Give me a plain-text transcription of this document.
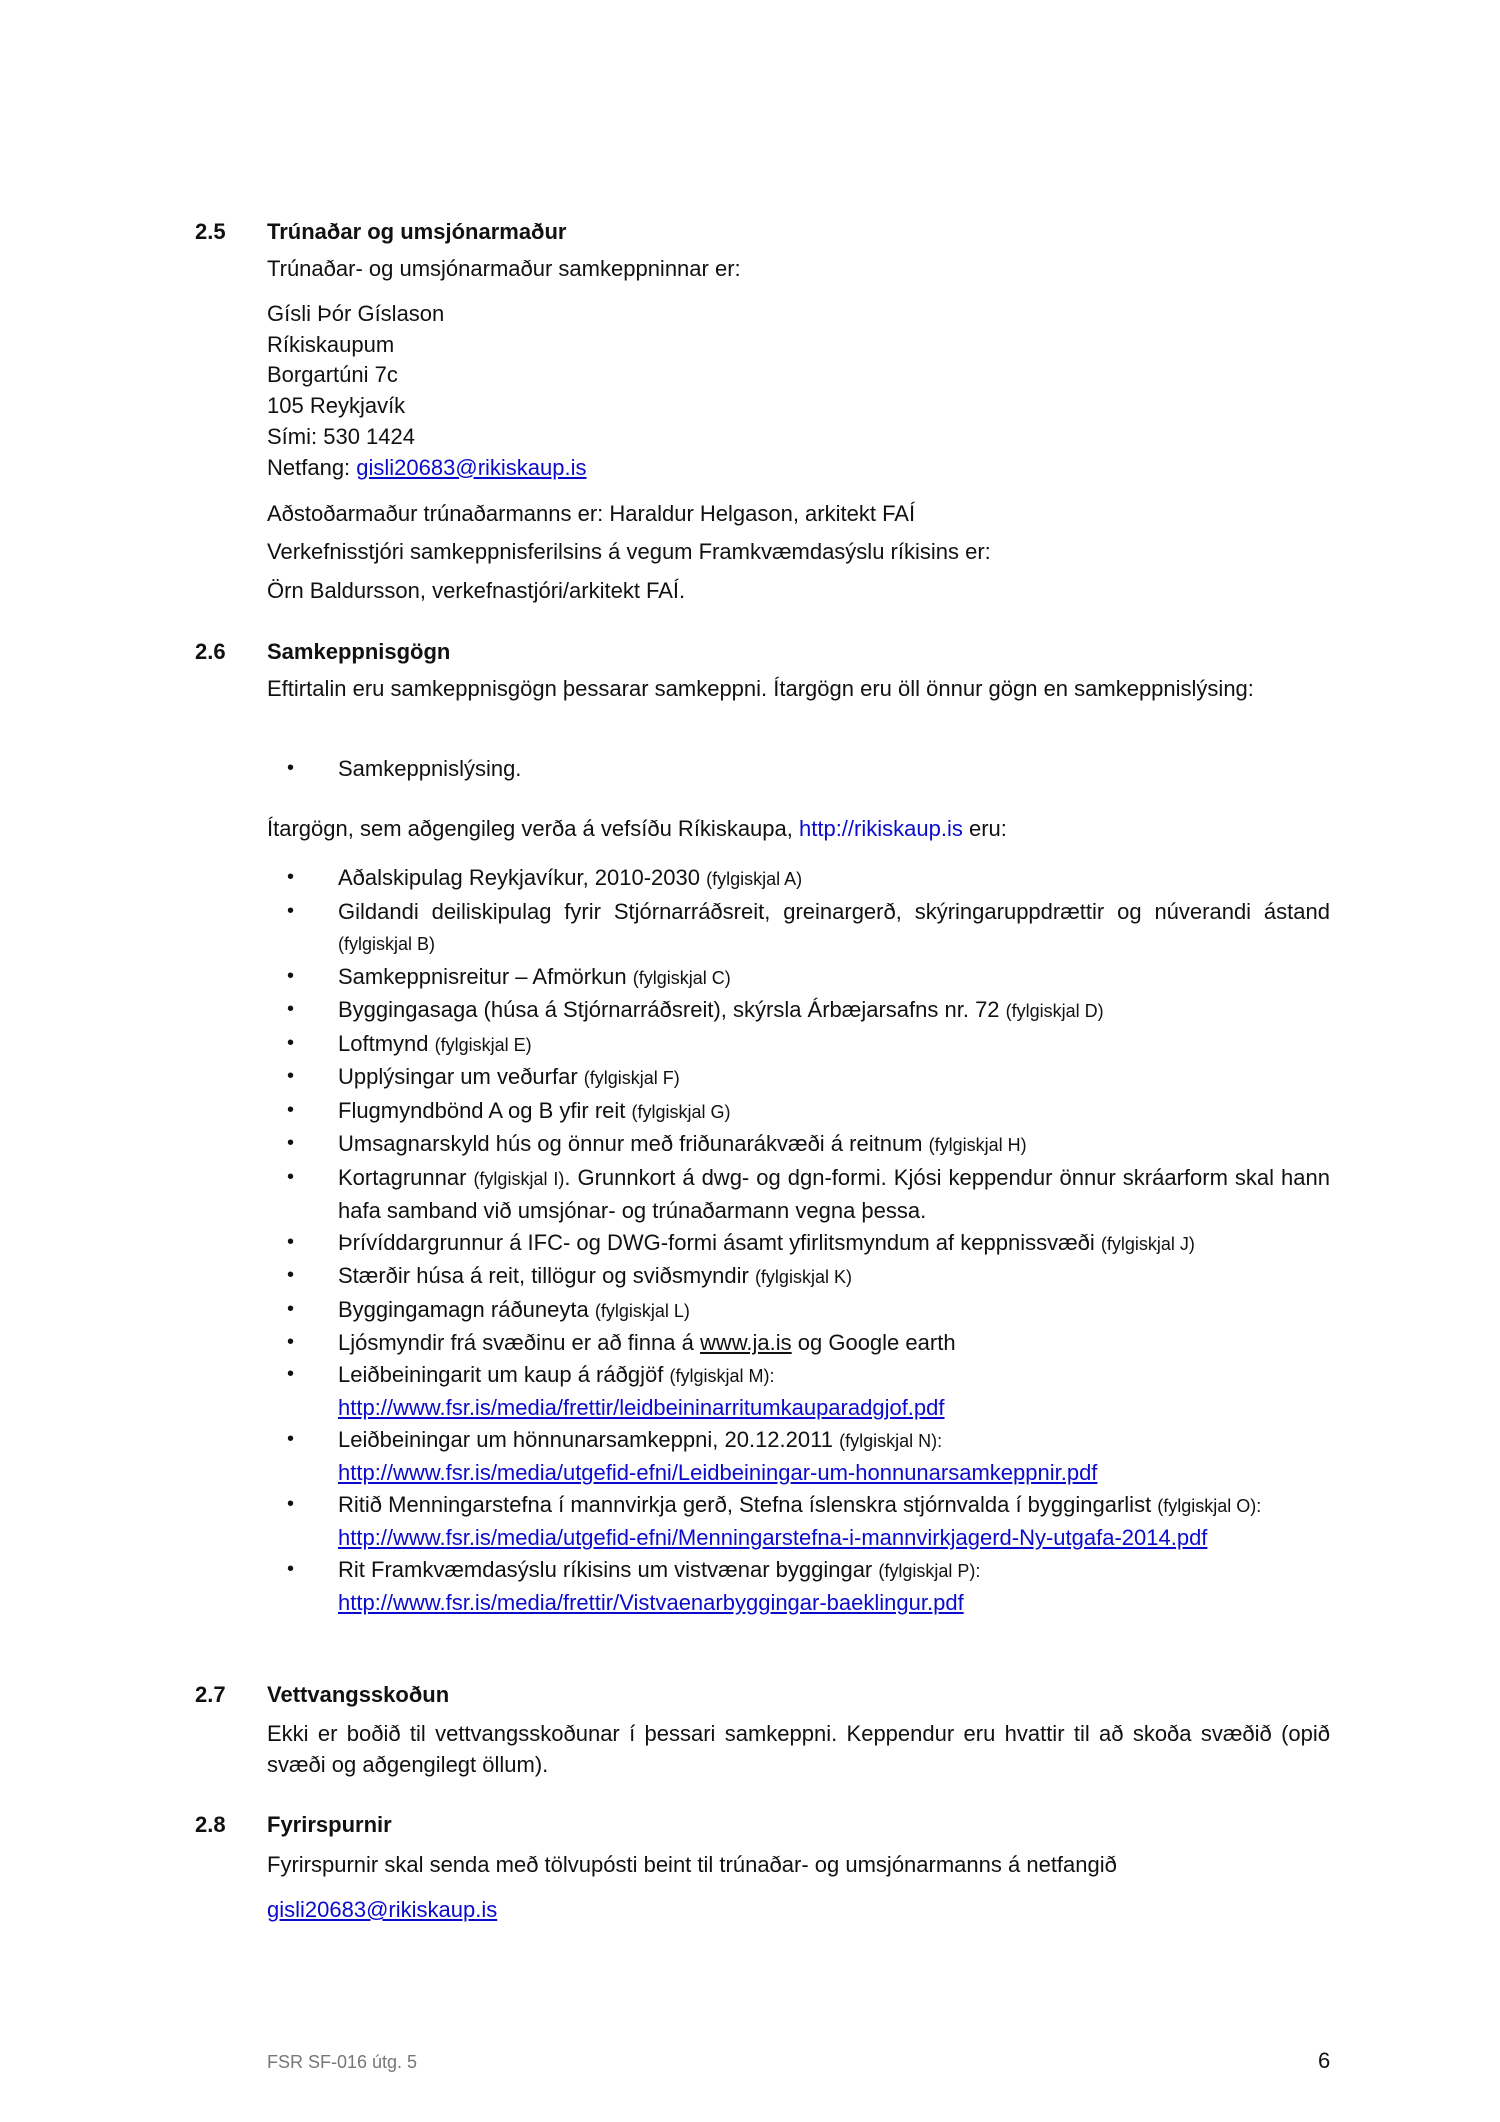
2.5 Trúnaðar og umsjónarmaður
Trúnaðar- og umsjónarmaður samkeppninnar er:
Gísli Þór Gíslason
Ríkiskaupum
Borgartúni 7c
105 Reykjavík
Sími: 530 1424
Netfang: gisli20683@rikiskaup.is
Aðstoðarmaður trúnaðarmanns er: Haraldur Helgason, arkitekt FAÍ
Verkefnisstjóri samkeppnisferilsins á vegum Framkvæmdasýslu ríkisins er:
Örn Baldursson, verkefnastjóri/arkitekt FAÍ.
2.6 Samkeppnisgögn
Eftirtalin eru samkeppnisgögn þessarar samkeppni. Ítargögn eru öll önnur gögn en samkeppnislýsing:
• Samkeppnislýsing.
Ítargögn, sem aðgengileg verða á vefsíðu Ríkiskaupa, http://rikiskaup.is eru:
• Aðalskipulag Reykjavíkur, 2010-2030 (fylgiskjal A)
• Gildandi deiliskipulag fyrir Stjórnarráðsreit, greinargerð, skýringaruppdrættir og núverandi ástand (fylgiskjal B)
• Samkeppnisreitur – Afmörkun (fylgiskjal C)
• Byggingasaga (húsa á Stjórnarráðsreit), skýrsla Árbæjarsafns nr. 72 (fylgiskjal D)
• Loftmynd (fylgiskjal E)
• Upplýsingar um veðurfar (fylgiskjal F)
• Flugmyndbönd A og B yfir reit (fylgiskjal G)
• Umsagnarskyld hús og önnur með friðunarákvæði á reitnum (fylgiskjal H)
• Kortagrunnar (fylgiskjal I). Grunnkort á dwg- og dgn-formi. Kjósi keppendur önnur skráarform skal hann hafa samband við umsjónar- og trúnaðarmann vegna þessa.
• Þrívíddargrunnur á IFC- og DWG-formi ásamt yfirlitsmyndum af keppnissvæði (fylgiskjal J)
• Stærðir húsa á reit, tillögur og sviðsmyndir (fylgiskjal K)
• Byggingamagn ráðuneyta (fylgiskjal L)
• Ljósmyndir frá svæðinu er að finna á www.ja.is og Google earth
• Leiðbeiningarit um kaup á ráðgjöf (fylgiskjal M):
http://www.fsr.is/media/frettir/leidbeininarritumkauparadgjof.pdf
• Leiðbeiningar um hönnunarsamkeppni, 20.12.2011 (fylgiskjal N):
http://www.fsr.is/media/utgefid-efni/Leidbeiningar-um-honnunarsamkeppnir.pdf
• Ritið Menningarstefna í mannvirkja gerð, Stefna íslenskra stjórnvalda í byggingarlist (fylgiskjal O):
http://www.fsr.is/media/utgefid-efni/Menningarstefna-i-mannvirkjagerd-Ny-utgafa-2014.pdf
• Rit Framkvæmdasýslu ríkisins um vistvænar byggingar (fylgiskjal P):
http://www.fsr.is/media/frettir/Vistvaenarbyggingar-baeklingur.pdf
2.7 Vettvangsskoðun
Ekki er boðið til vettvangsskoðunar í þessari samkeppni. Keppendur eru hvattir til að skoða svæðið (opið svæði og aðgengilegt öllum).
2.8 Fyrirspurnir
Fyrirspurnir skal senda með tölvupósti beint til trúnaðar- og umsjónarmanns á netfangið
gisli20683@rikiskaup.is
FSR SF-016 útg. 5	6
